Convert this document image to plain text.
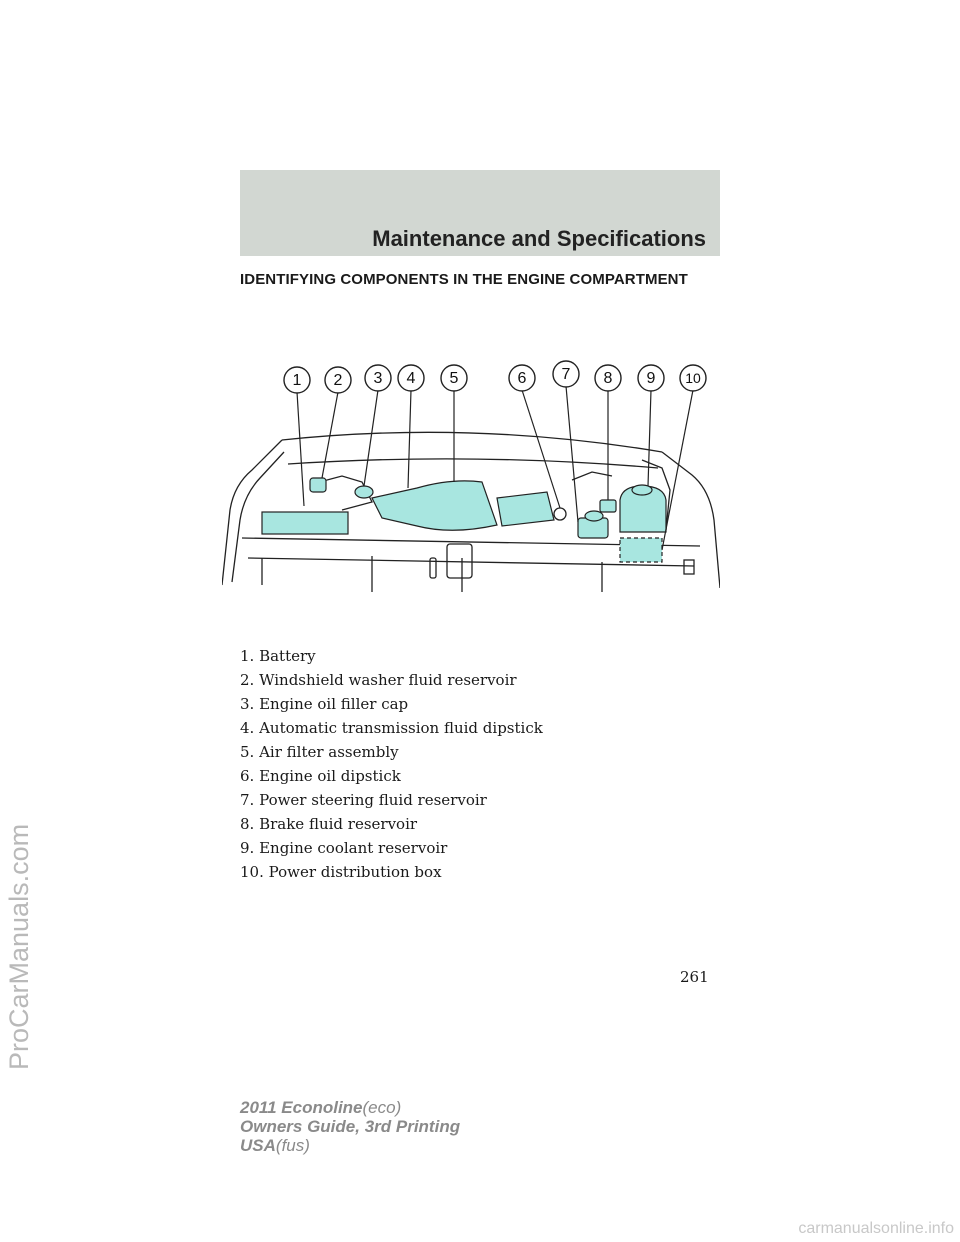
Maintenance and Specifications
IDENTIFYING COMPONENTS IN THE ENGINE COMPARTMENT
1 2 3 4 5	6 7 8 9 10
1. Battery
2. Windshield washer fluid reservoir
3. Engine oil filler cap
4. Automatic transmission fluid dipstick
5. Air filter assembly
6. Engine oil dipstick
7. Power steering fluid reservoir
8. Brake fluid reservoir
9. Engine coolant reservoir
10. Power distribution box
261
2011 Econoline(eco)
Owners Guide, 3rd Printing
USA(fus)
ProCarManuals.com
carmanualsonline.info
